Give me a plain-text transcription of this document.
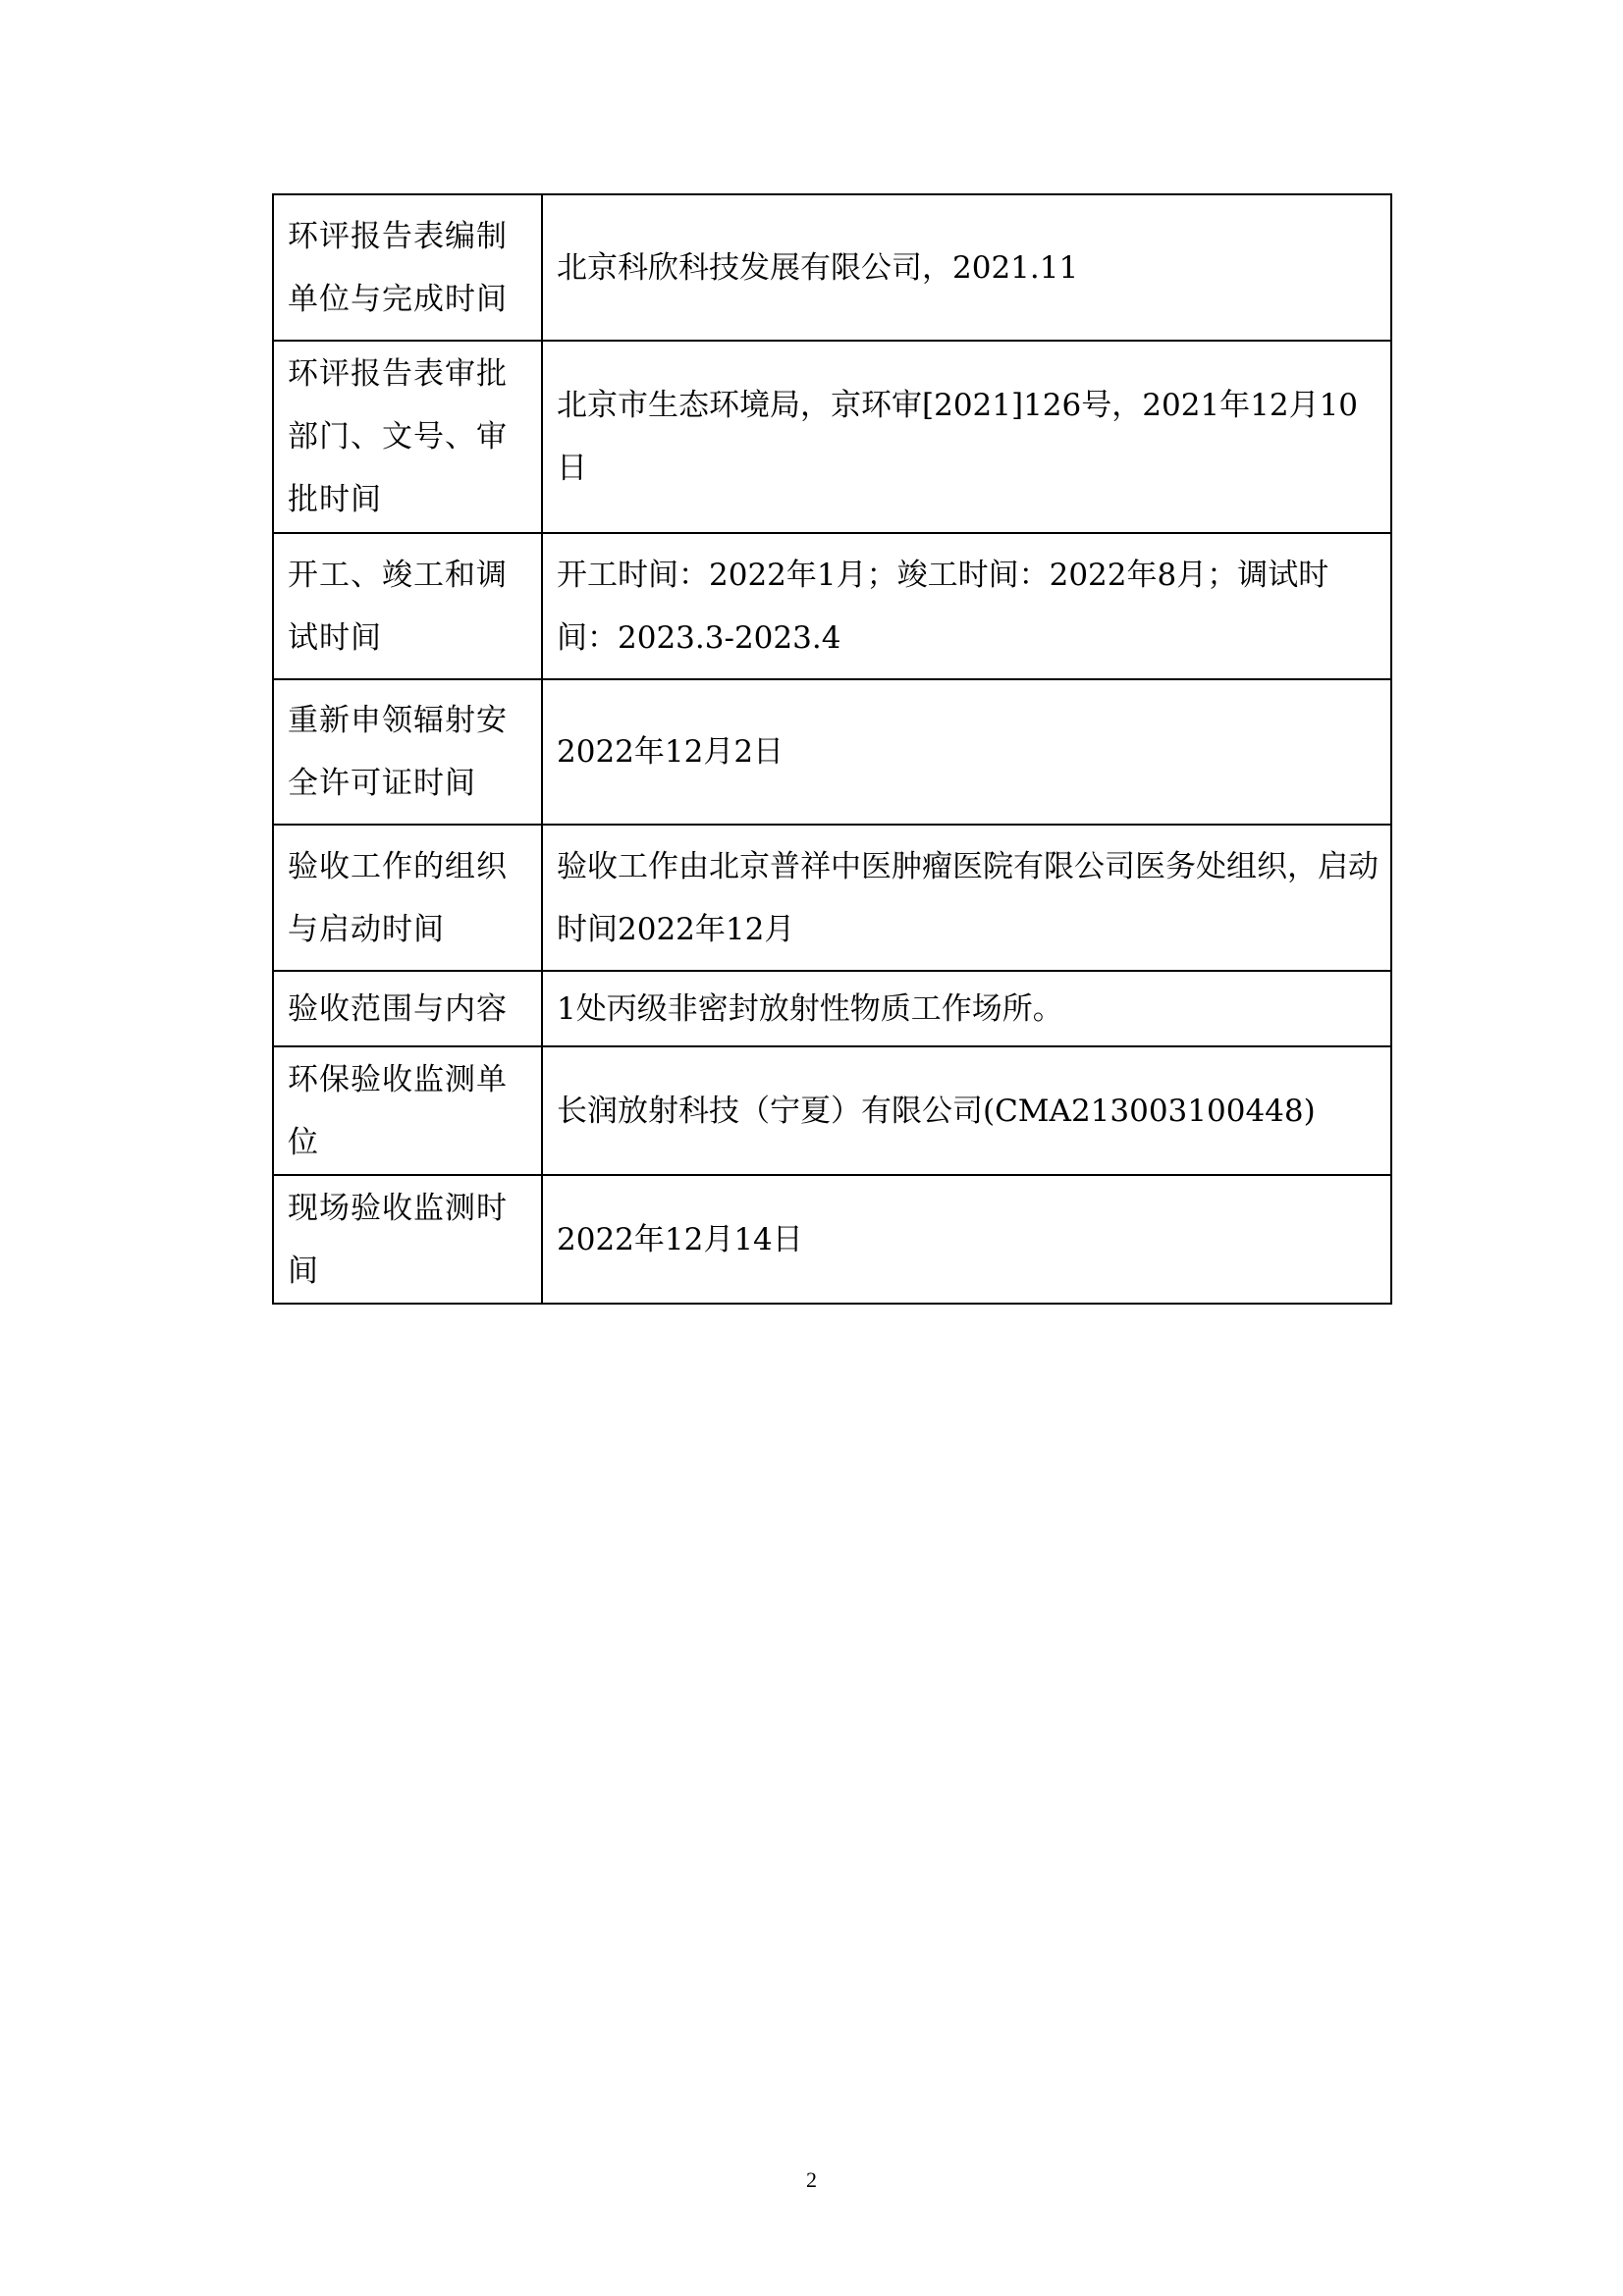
环评报告表编制单位与完成时间	北京科欣科技发展有限公司，2021.11
环评报告表审批部门、文号、审批时间	北京市生态环境局，京环审[2021]126号，2021年12月10日
开工、竣工和调试时间	开工时间：2022年1月；竣工时间：2022年8月；调试时间：2023.3-2023.4
重新申领辐射安全许可证时间	2022年12月2日
验收工作的组织与启动时间	验收工作由北京普祥中医肿瘤医院有限公司医务处组织，启动时间2022年12月
验收范围与内容	1处丙级非密封放射性物质工作场所。
环保验收监测单位	长润放射科技（宁夏）有限公司(CMA213003100448)
现场验收监测时间	2022年12月14日
2
